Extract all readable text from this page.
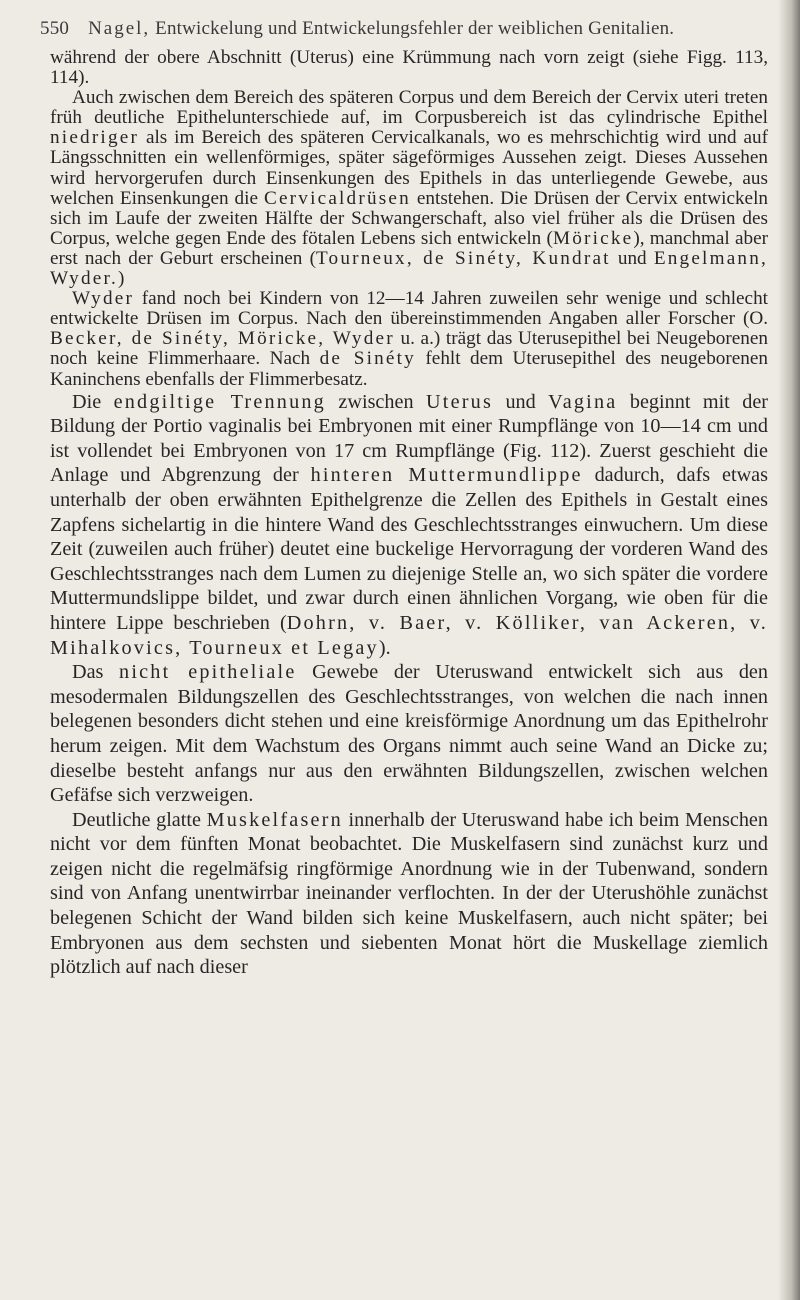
550 Nagel, Entwickelung und Entwickelungsfehler der weiblichen Genitalien.

während der obere Abschnitt (Uterus) eine Krümmung nach vorn zeigt (siehe Figg. 113, 114).

Auch zwischen dem Bereich des späteren Corpus und dem Bereich der Cervix uteri treten früh deutliche Epithelunterschiede auf, im Corpusbereich ist das cylindrische Epithel niedriger als im Bereich des späteren Cervicalkanals, wo es mehrschichtig wird und auf Längsschnitten ein wellenförmiges, später sägeförmiges Aussehen zeigt. Dieses Aussehen wird hervorgerufen durch Einsenkungen des Epithels in das unterliegende Gewebe, aus welchen Einsenkungen die Cervicaldrüsen entstehen. Die Drüsen der Cervix entwickeln sich im Laufe der zweiten Hälfte der Schwangerschaft, also viel früher als die Drüsen des Corpus, welche gegen Ende des fötalen Lebens sich entwickeln (Möricke), manchmal aber erst nach der Geburt erscheinen (Tourneux, de Sinéty, Kundrat und Engelmann, Wyder.)

Wyder fand noch bei Kindern von 12—14 Jahren zuweilen sehr wenige und schlecht entwickelte Drüsen im Corpus. Nach den übereinstimmenden Angaben aller Forscher (O. Becker, de Sinéty, Möricke, Wyder u. a.) trägt das Uterusepithel bei Neugeborenen noch keine Flimmerhaare. Nach de Sinéty fehlt dem Uterusepithel des neugeborenen Kaninchens ebenfalls der Flimmerbesatz.

Die endgiltige Trennung zwischen Uterus und Vagina beginnt mit der Bildung der Portio vaginalis bei Embryonen mit einer Rumpflänge von 10—14 cm und ist vollendet bei Embryonen von 17 cm Rumpflänge (Fig. 112). Zuerst geschieht die Anlage und Abgrenzung der hinteren Muttermundlippe dadurch, dafs etwas unterhalb der oben erwähnten Epithelgrenze die Zellen des Epithels in Gestalt eines Zapfens sichelartig in die hintere Wand des Geschlechtsstranges einwuchern. Um diese Zeit (zuweilen auch früher) deutet eine buckelige Hervorragung der vorderen Wand des Geschlechtsstranges nach dem Lumen zu diejenige Stelle an, wo sich später die vordere Muttermundslippe bildet, und zwar durch einen ähnlichen Vorgang, wie oben für die hintere Lippe beschrieben (Dohrn, v. Baer, v. Kölliker, van Ackeren, v. Mihalkovics, Tourneux et Legay).

Das nicht epitheliale Gewebe der Uteruswand entwickelt sich aus den mesodermalen Bildungszellen des Geschlechtsstranges, von welchen die nach innen belegenen besonders dicht stehen und eine kreisförmige Anordnung um das Epithelrohr herum zeigen. Mit dem Wachstum des Organs nimmt auch seine Wand an Dicke zu; dieselbe besteht anfangs nur aus den erwähnten Bildungszellen, zwischen welchen Gefäfse sich verzweigen.

Deutliche glatte Muskelfasern innerhalb der Uteruswand habe ich beim Menschen nicht vor dem fünften Monat beobachtet. Die Muskelfasern sind zunächst kurz und zeigen nicht die regelmäfsig ringförmige Anordnung wie in der Tubenwand, sondern sind von Anfang unentwirrbar ineinander verflochten. In der der Uterushöhle zunächst belegenen Schicht der Wand bilden sich keine Muskelfasern, auch nicht später; bei Embryonen aus dem sechsten und siebenten Monat hört die Muskellage ziemlich plötzlich auf nach dieser
